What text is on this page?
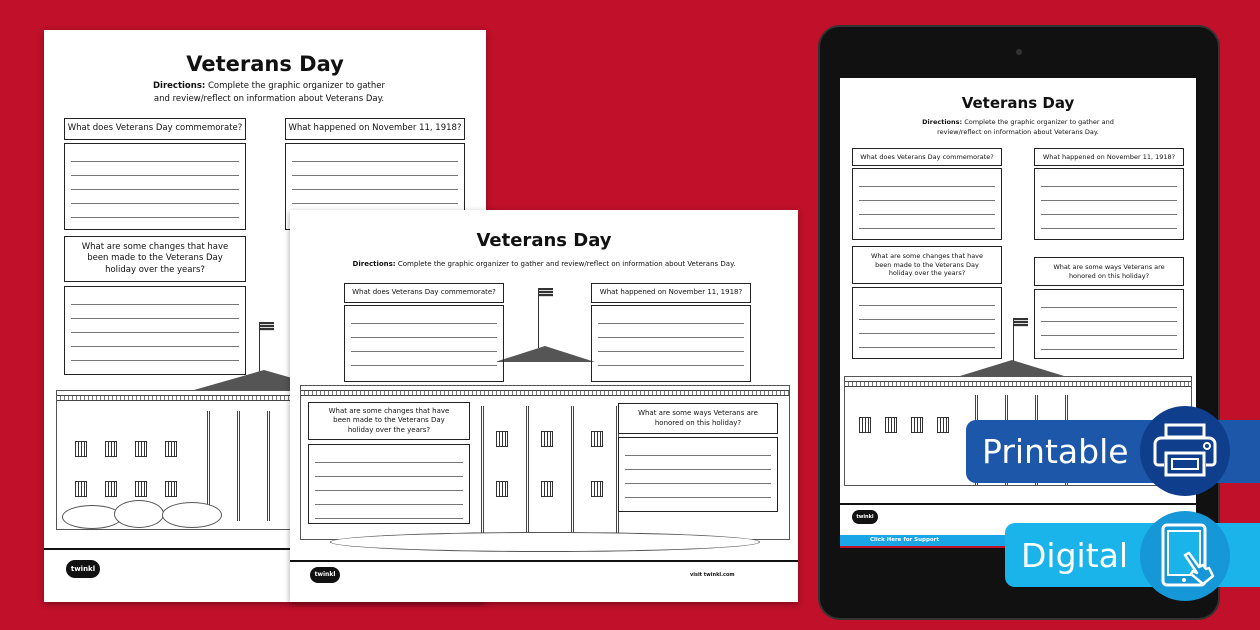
Veterans Day
Directions: Complete the graphic organizer to gather and review/reflect on information about Veterans Day.
What does Veterans Day commemorate?	What happened on November 11, 1918?
What are some changes that have been made to the Veterans Day holiday over the years?
twinkl
Veterans Day
Directions: Complete the graphic organizer to gather and review/reflect on information about Veterans Day.
What does Veterans Day commemorate?	What happened on November 11, 1918?
What are some changes that have been made to the Veterans Day holiday over the years?
What are some ways Veterans are honored on this holiday?
twinkl	visit twinkl.com
Veterans Day
Directions: Complete the graphic organizer to gather and review/reflect on information about Veterans Day.
What does Veterans Day commemorate?	What happened on November 11, 1918?
What are some changes that have been made to the Veterans Day holiday over the years?
What are some ways Veterans are honored on this holiday?
twinkl
Click Here for Support
Printable
Digital
